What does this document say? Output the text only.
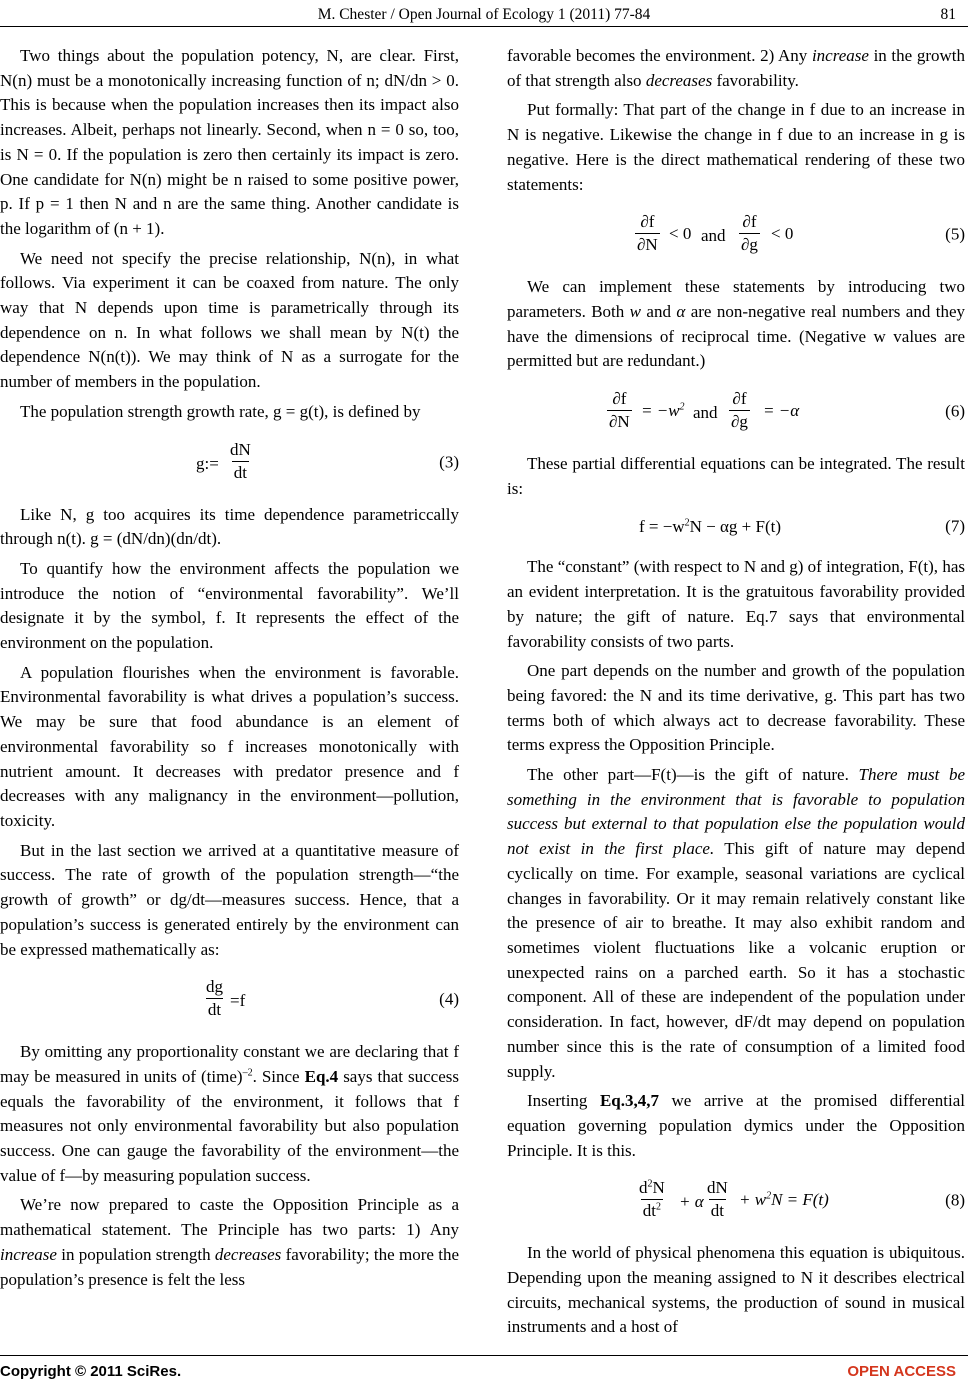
M. Chester / Open Journal of Ecology 1 (2011) 77-84	81

Two things about the population potency, N, are clear. First, N(n) must be a monotonically increasing function of n; dN/dn > 0. This is because when the population increases then its impact also increases. Albeit, perhaps not linearly. Second, when n = 0 so, too, is N = 0. If the population is zero then certainly its impact is zero. One candidate for N(n) might be n raised to some positive power, p. If p = 1 then N and n are the same thing. Another candidate is the logarithm of (n + 1).

We need not specify the precise relationship, N(n), in what follows. Via experiment it can be coaxed from nature. The only way that N depends upon time is parametrically through its dependence on n. In what follows we shall mean by N(t) the dependence N(n(t)). We may think of N as a surrogate for the number of members in the population.

The population strength growth rate, g = g(t), is defined by

g:= $\frac{dN}{dt}$	(3)

Like N, g too acquires its time dependence parametriccally through n(t). g = (dN/dn)(dn/dt).

To quantify how the environment affects the population we introduce the notion of “environmental favorability”. We’ll designate it by the symbol, f. It represents the effect of the environment on the population.

A population flourishes when the environment is favorable. Environmental favorability is what drives a population’s success. We may be sure that food abundance is an element of environmental favorability so f increases monotonically with nutrient amount. It decreases with predator presence and f decreases with any malignancy in the environment—pollution, toxicity.

But in the last section we arrived at a quantitative measure of success. The rate of growth of the population strength—“the growth of growth” or dg/dt—measures success. Hence, that a population’s success is generated entirely by the environment can be expressed mathematically as:

$\frac{dg}{dt} =f$	(4)

By omitting any proportionality constant we are declaring that f may be measured in units of (time)$^{-2}$. Since Eq.4 says that success equals the favorability of the environment, it follows that f measures not only environmental favorability but also population success. One can gauge the favorability of the environment—the value of f—by measuring population success.

We’re now prepared to caste the Opposition Principle as a mathematical statement. The Principle has two parts: 1) Any increase in population strength decreases favorability; the more the population’s presence is felt the less

favorable becomes the environment. 2) Any increase in the growth of that strength also decreases favorability.

Put formally: That part of the change in f due to an increase in N is negative. Likewise the change in f due to an increase in g is negative. Here is the direct mathematical rendering of these two statements:

$\frac{\partial f}{\partial N} < 0$ and $\frac{\partial f}{\partial g} < 0$	(5)

We can implement these statements by introducing two parameters. Both w and α are non-negative real numbers and they have the dimensions of reciprocal time. (Negative w values are permitted but are redundant.)

$\frac{\partial f}{\partial N} = -w^2$ and $\frac{\partial f}{\partial g} = -\alpha$	(6)

These partial differential equations can be integrated. The result is:

$f = -w^2N - \alpha g + F(t)$	(7)

The “constant” (with respect to N and g) of integration, F(t), has an evident interpretation. It is the gratuitous favorability provided by nature; the gift of nature. Eq.7 says that environmental favorability consists of two parts.

One part depends on the number and growth of the population being favored: the N and its time derivative, g. This part has two terms both of which always act to decrease favorability. These terms express the Opposition Principle.

The other part—F(t)—is the gift of nature. There must be something in the environment that is favorable to population success but external to that population else the population would not exist in the first place. This gift of nature may depend cyclically on time. For example, seasonal variations are cyclical changes in favorability. Or it may remain relatively constant like the presence of air to breathe. It may also exhibit random and sometimes violent fluctuations like a volcanic eruption or unexpected rains on a parched earth. So it has a stochastic component. All of these are independent of the population under consideration. In fact, however, dF/dt may depend on population number since this is the rate of consumption of a limited food supply.

Inserting Eq.3,4,7 we arrive at the promised differential equation governing population dymics under the Opposition Principle. It is this.

$\frac{d^2N}{dt^2} + \alpha \frac{dN}{dt} + w^2N = F(t)$	(8)

In the world of physical phenomena this equation is ubiquitous. Depending upon the meaning assigned to N it describes electrical circuits, mechanical systems, the production of sound in musical instruments and a host of

Copyright © 2011 SciRes.	OPEN ACCESS
